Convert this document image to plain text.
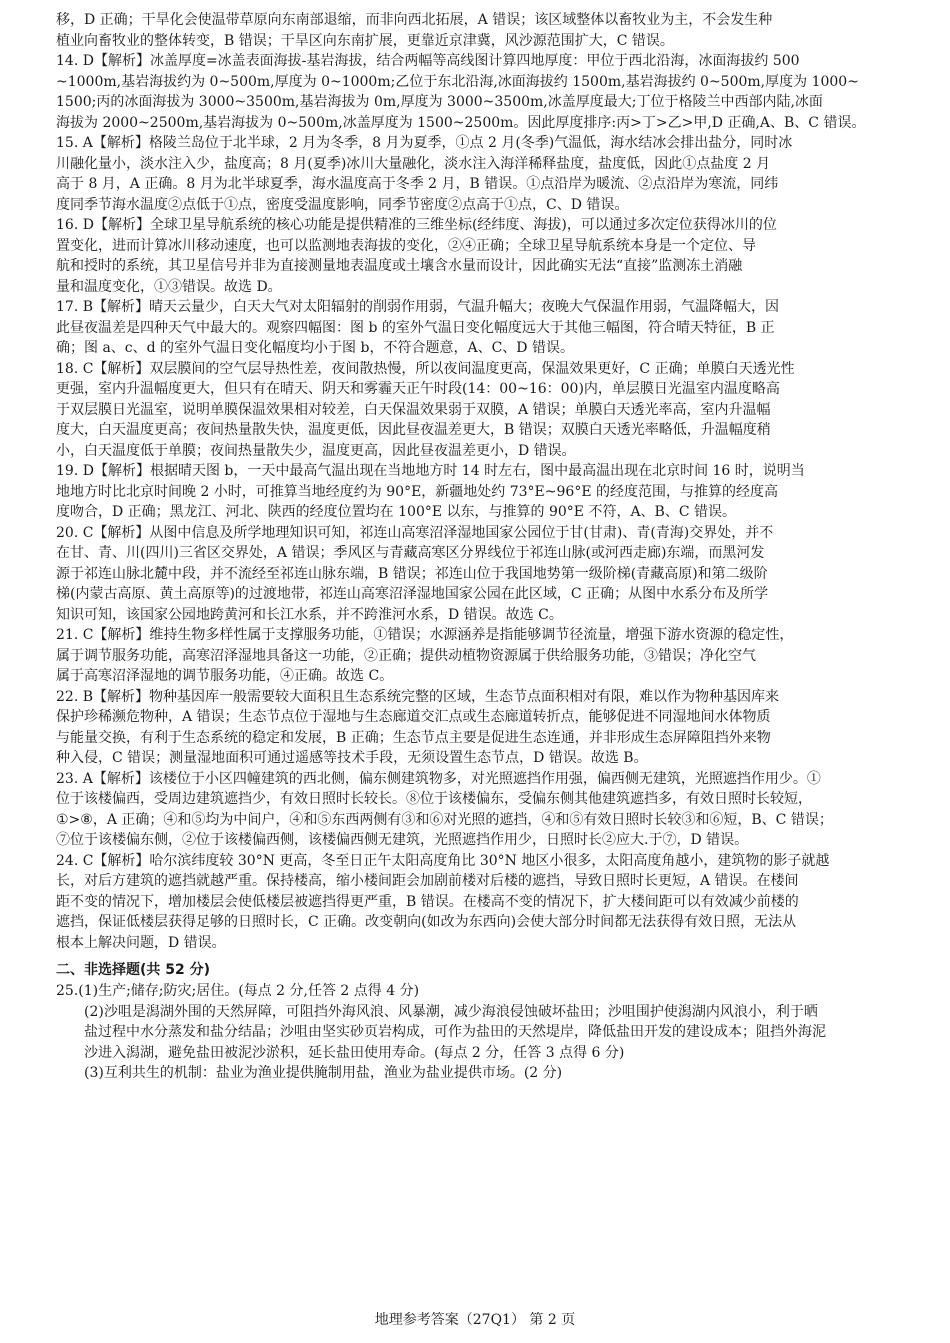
移，D 正确；干旱化会使温带草原向东南部退缩，而非向西北拓展，A 错误；该区域整体以畜牧业为主，不会发生种
植业向畜牧业的整体转变，B 错误；干旱区向东南扩展，更靠近京津冀，风沙源范围扩大，C 错误。
14. D【解析】冰盖厚度=冰盖表面海拔-基岩海拔，结合两幅等高线图计算四地厚度：甲位于西北沿海，冰面海拔约 500
~1000m,基岩海拔约为 0~500m,厚度为 0~1000m;乙位于东北沿海,冰面海拔约 1500m,基岩海拔约 0~500m,厚度为 1000~
1500;丙的冰面海拔为 3000~3500m,基岩海拔为 0m,厚度为 3000~3500m,冰盖厚度最大;丁位于格陵兰中西部内陆,冰面
海拔为 2000~2500m,基岩海拔为 0~500m,冰盖厚度为 1500~2500m。因此厚度排序:丙>丁>乙>甲,D 正确,A、B、C 错误。
15. A【解析】格陵兰岛位于北半球，2 月为冬季，8 月为夏季，①点 2 月(冬季)气温低，海水结冰会排出盐分，同时冰
川融化量小，淡水注入少，盐度高；8 月(夏季)冰川大量融化，淡水注入海洋稀释盐度，盐度低，因此①点盐度 2 月
高于 8 月，A 正确。8 月为北半球夏季，海水温度高于冬季 2 月，B 错误。①点沿岸为暖流、②点沿岸为寒流，同纬
度同季节海水温度②点低于①点，密度受温度影响，同季节密度②点高于①点，C、D 错误。
16. D【解析】全球卫星导航系统的核心功能是提供精准的三维坐标(经纬度、海拔)，可以通过多次定位获得冰川的位
置变化，进而计算冰川移动速度，也可以监测地表海拔的变化，②④正确；全球卫星导航系统本身是一个定位、导
航和授时的系统，其卫星信号并非为直接测量地表温度或土壤含水量而设计，因此确实无法“直接”监测冻土消融
量和温度变化，①③错误。故选 D。
17. B【解析】晴天云量少，白天大气对太阳辐射的削弱作用弱，气温升幅大；夜晚大气保温作用弱，气温降幅大，因
此昼夜温差是四种天气中最大的。观察四幅图：图 b 的室外气温日变化幅度远大于其他三幅图，符合晴天特征，B 正
确；图 a、c、d 的室外气温日变化幅度均小于图 b，不符合题意，A、C、D 错误。
18. C【解析】双层膜间的空气层导热性差，夜间散热慢，所以夜间温度更高，保温效果更好，C 正确；单膜白天透光性
更强，室内升温幅度更大，但只有在晴天、阴天和雾霾天正午时段(14：00~16：00)内，单层膜日光温室内温度略高
于双层膜日光温室，说明单膜保温效果相对较差，白天保温效果弱于双膜，A 错误；单膜白天透光率高，室内升温幅
度大，白天温度更高；夜间热量散失快，温度更低，因此昼夜温差更大，B 错误；双膜白天透光率略低，升温幅度稍
小，白天温度低于单膜；夜间热量散失少，温度更高，因此昼夜温差更小，D 错误。
19. D【解析】根据晴天图 b，一天中最高气温出现在当地地方时 14 时左右，图中最高温出现在北京时间 16 时，说明当
地地方时比北京时间晚 2 小时，可推算当地经度约为 90°E，新疆地处约 73°E~96°E 的经度范围，与推算的经度高
度吻合，D 正确；黑龙江、河北、陕西的经度位置均在 100°E 以东，与推算的 90°E 不符，A、B、C 错误。
20. C【解析】从图中信息及所学地理知识可知，祁连山高寒沼泽湿地国家公园位于甘(甘肃)、青(青海)交界处，并不
在甘、青、川(四川)三省区交界处，A 错误；季风区与青藏高寒区分界线位于祁连山脉(或河西走廊)东端，而黑河发
源于祁连山脉北麓中段，并不流经至祁连山脉东端，B 错误；祁连山位于我国地势第一级阶梯(青藏高原)和第二级阶
梯(内蒙古高原、黄土高原等)的过渡地带，祁连山高寒沼泽湿地国家公园在此区域，C 正确；从图中水系分布及所学
知识可知，该国家公园地跨黄河和长江水系，并不跨淮河水系，D 错误。故选 C。
21. C【解析】维持生物多样性属于支撑服务功能，①错误；水源涵养是指能够调节径流量，增强下游水资源的稳定性，
属于调节服务功能，高寒沼泽湿地具备这一功能，②正确；提供动植物资源属于供给服务功能，③错误；净化空气
属于高寒沼泽湿地的调节服务功能，④正确。故选 C。
22. B【解析】物种基因库一般需要较大面积且生态系统完整的区域，生态节点面积相对有限，难以作为物种基因库来
保护珍稀濒危物种，A 错误；生态节点位于湿地与生态廊道交汇点或生态廊道转折点，能够促进不同湿地间水体物质
与能量交换，有利于生态系统的稳定和发展，B 正确；生态节点主要是促进生态连通，并非形成生态屏障阻挡外来物
种入侵，C 错误；测量湿地面积可通过遥感等技术手段，无须设置生态节点，D 错误。故选 B。
23. A【解析】该楼位于小区四幢建筑的西北侧，偏东侧建筑物多，对光照遮挡作用强，偏西侧无建筑，光照遮挡作用少。①
位于该楼偏西，受周边建筑遮挡少，有效日照时长较长。⑧位于该楼偏东，受偏东侧其他建筑遮挡多，有效日照时长较短，
①>⑧，A 正确；④和⑤均为中间户，④和⑤东西两侧有③和⑥对光照的遮挡，④和⑤有效日照时长较③和⑥短，B、C 错误；
⑦位于该楼偏东侧，②位于该楼偏西侧，该楼偏西侧无建筑，光照遮挡作用少，日照时长②应大.于⑦，D 错误。
24. C【解析】哈尔滨纬度较 30°N 更高，冬至日正午太阳高度角比 30°N 地区小很多，太阳高度角越小，建筑物的影子就越
长，对后方建筑的遮挡就越严重。保持楼高，缩小楼间距会加剧前楼对后楼的遮挡，导致日照时长更短，A 错误。在楼间
距不变的情况下，增加楼层会使低楼层被遮挡得更严重，B 错误。在楼高不变的情况下，扩大楼间距可以有效减少前楼的
遮挡，保证低楼层获得足够的日照时长，C 正确。改变朝向(如改为东西向)会使大部分时间都无法获得有效日照，无法从
根本上解决问题，D 错误。
二、非选择题(共 52 分)
25.(1)生产;储存;防灾;居住。(每点 2 分,任答 2 点得 4 分)
(2)沙咀是潟湖外围的天然屏障，可阻挡外海风浪、风暴潮，减少海浪侵蚀破坏盐田；沙咀围护使潟湖内风浪小，利于晒
盐过程中水分蒸发和盐分结晶；沙咀由坚实砂页岩构成，可作为盐田的天然堤岸，降低盐田开发的建设成本；阻挡外海泥
沙进入潟湖，避免盐田被泥沙淤积，延长盐田使用寿命。(每点 2 分，任答 3 点得 6 分)
(3)互利共生的机制：盐业为渔业提供腌制用盐，渔业为盐业提供市场。(2 分)
地理参考答案（27Q1） 第 2 页
